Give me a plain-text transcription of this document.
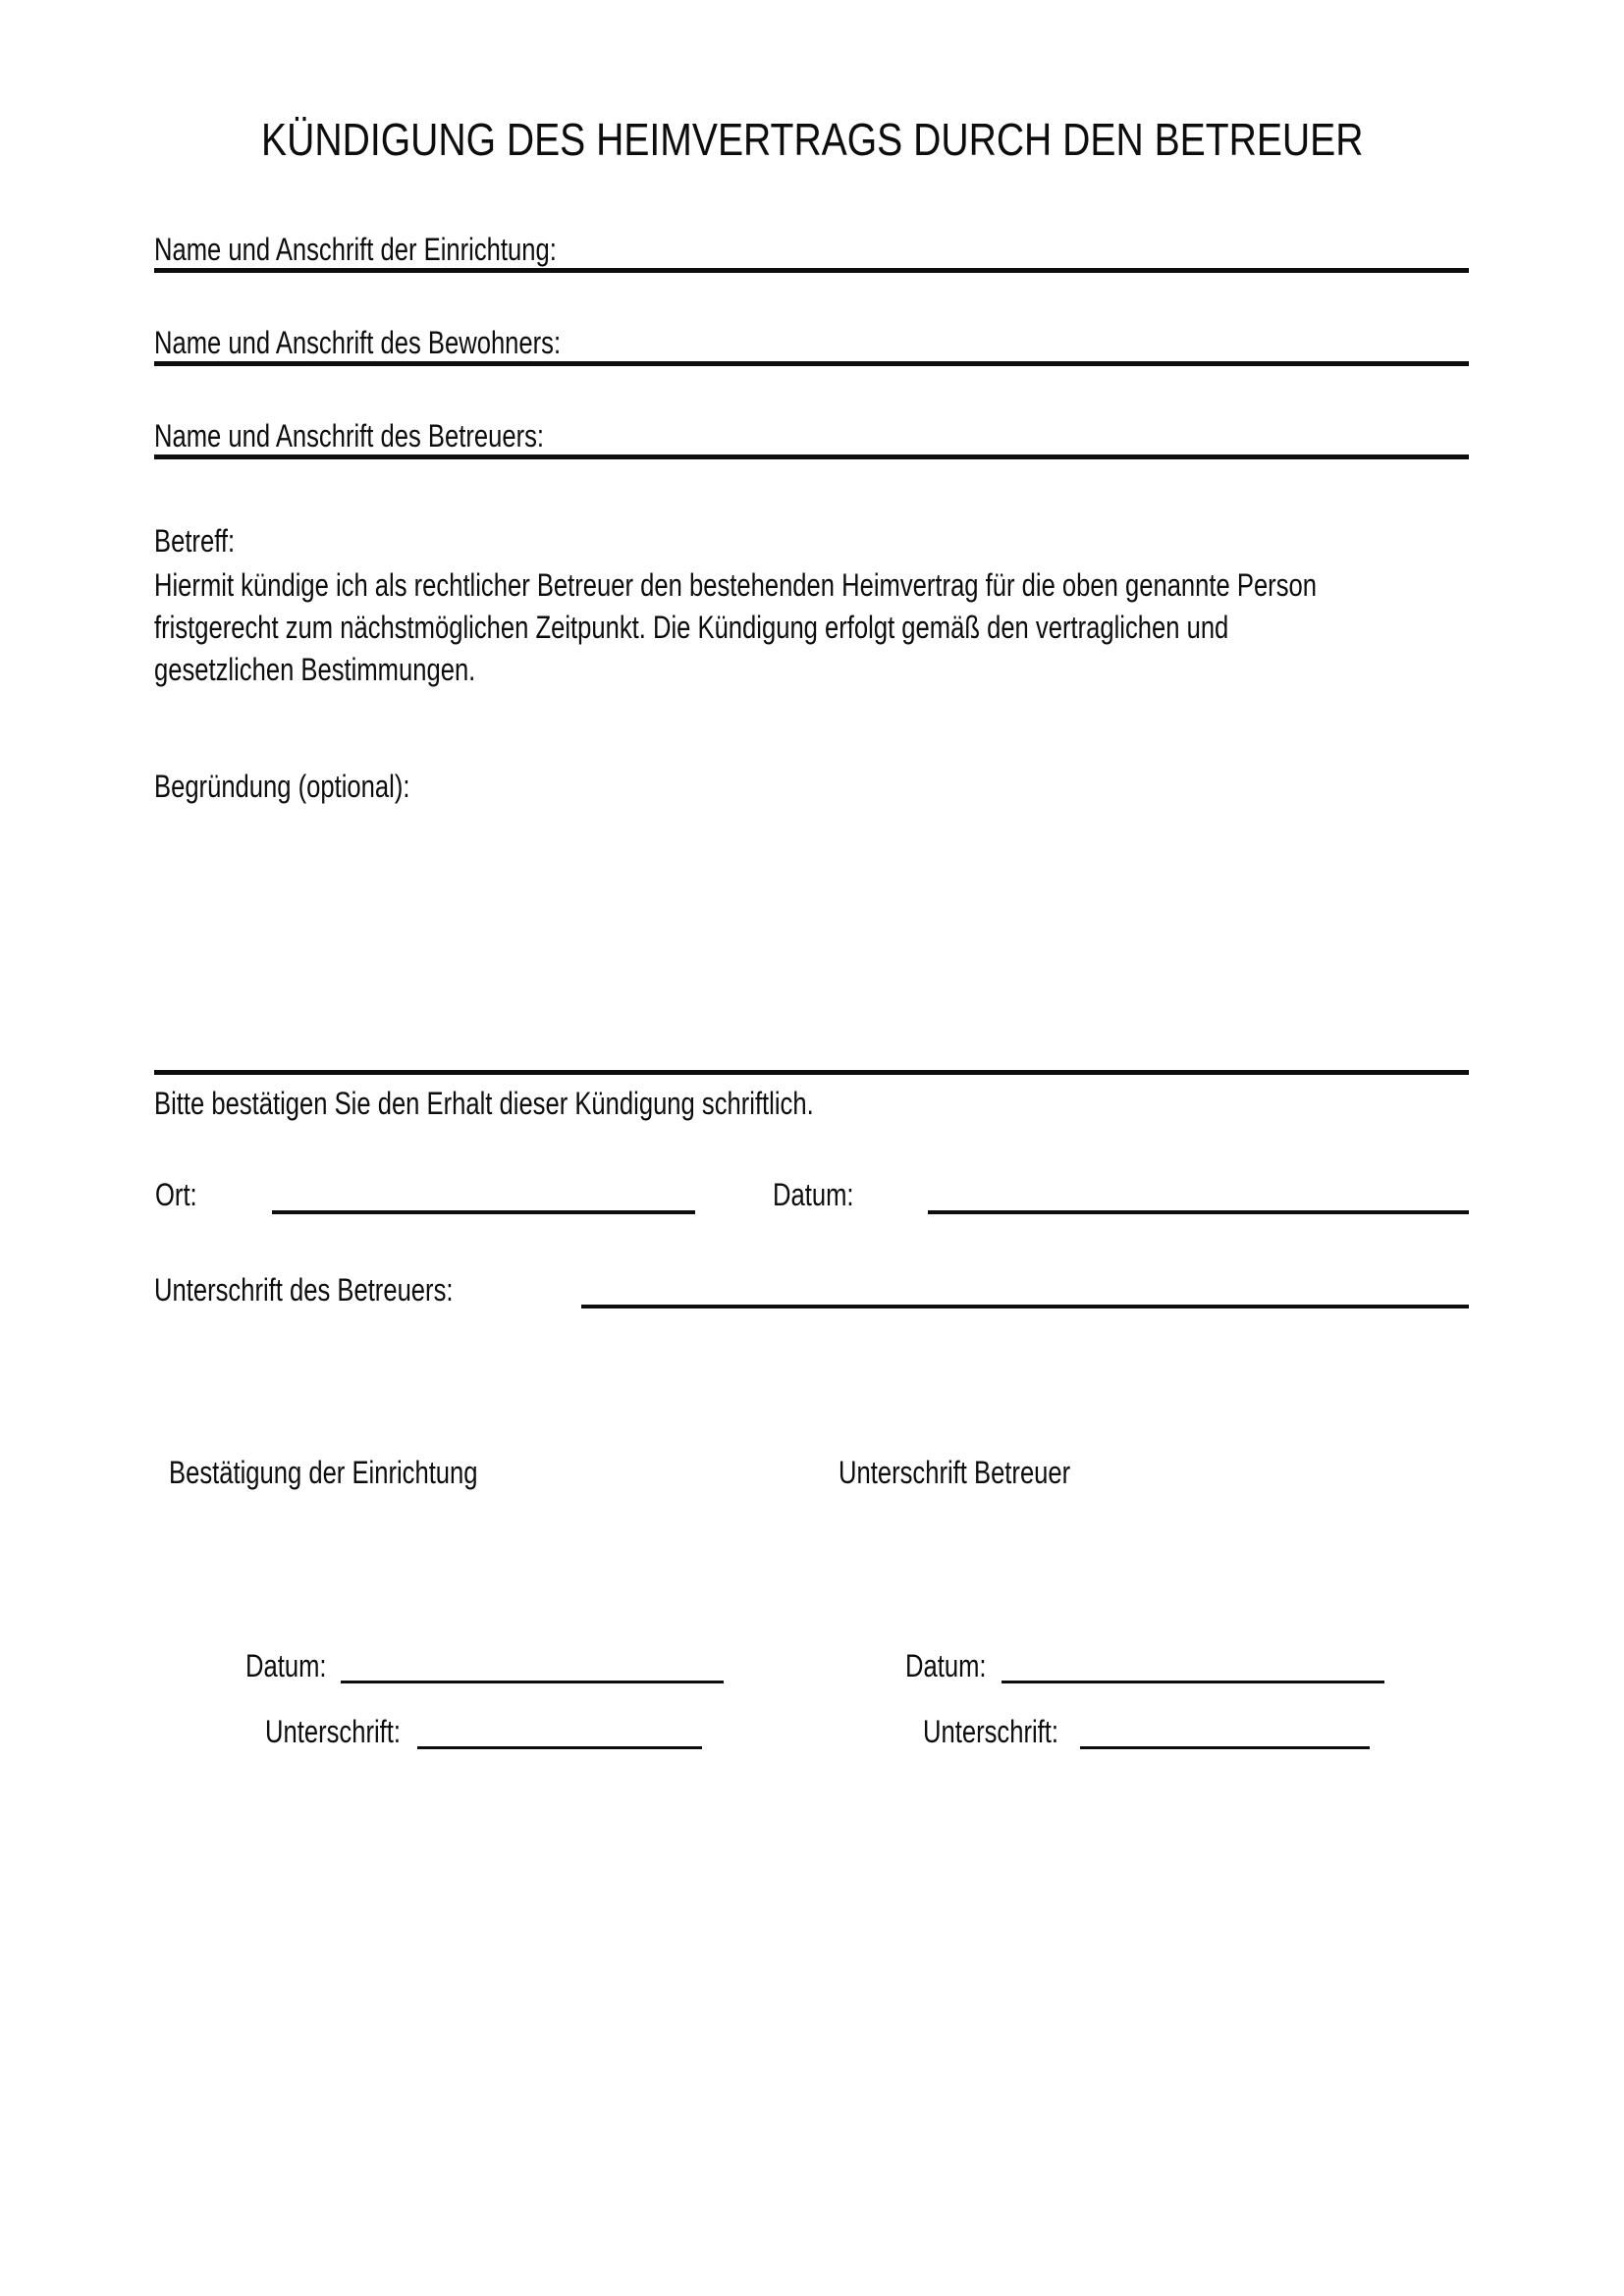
KÜNDIGUNG DES HEIMVERTRAGS DURCH DEN BETREUER
Name und Anschrift der Einrichtung:
Name und Anschrift des Bewohners:
Name und Anschrift des Betreuers:
Betreff:
Hiermit kündige ich als rechtlicher Betreuer den bestehenden Heimvertrag für die oben genannte Person
fristgerecht zum nächstmöglichen Zeitpunkt. Die Kündigung erfolgt gemäß den vertraglichen und
gesetzlichen Bestimmungen.
Begründung (optional):
Bitte bestätigen Sie den Erhalt dieser Kündigung schriftlich.
Ort:	Datum:
Unterschrift des Betreuers:
Bestätigung der Einrichtung	Unterschrift Betreuer
Datum:	Datum:
Unterschrift:	Unterschrift:
